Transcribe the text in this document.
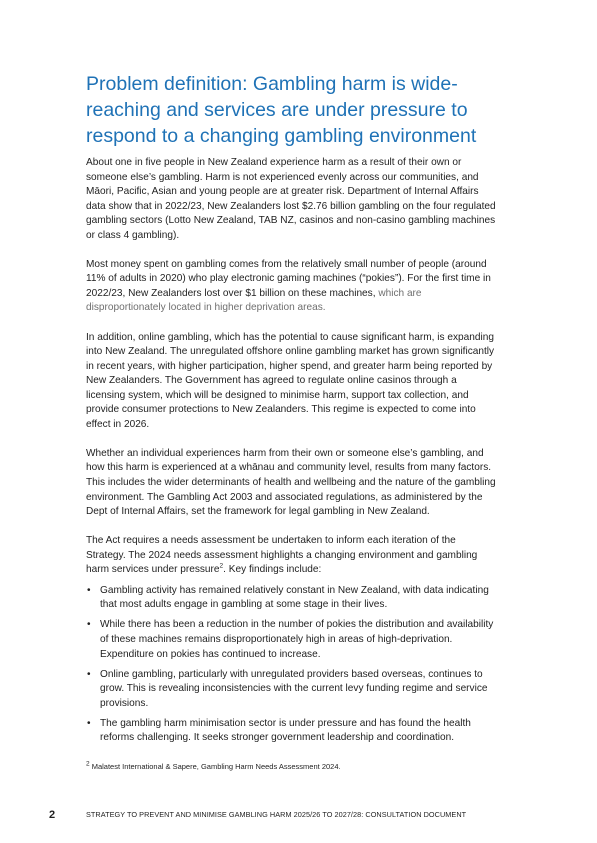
Problem definition: Gambling harm is wide-reaching and services are under pressure to respond to a changing gambling environment

About one in five people in New Zealand experience harm as a result of their own or someone else’s gambling. Harm is not experienced evenly across our communities, and Māori, Pacific, Asian and young people are at greater risk. Department of Internal Affairs data show that in 2022/23, New Zealanders lost $2.76 billion gambling on the four regulated gambling sectors (Lotto New Zealand, TAB NZ, casinos and non-casino gambling machines or class 4 gambling).

Most money spent on gambling comes from the relatively small number of people (around 11% of adults in 2020) who play electronic gaming machines (“pokies”). For the first time in 2022/23, New Zealanders lost over $1 billion on these machines, which are disproportionately located in higher deprivation areas.

In addition, online gambling, which has the potential to cause significant harm, is expanding into New Zealand. The unregulated offshore online gambling market has grown significantly in recent years, with higher participation, higher spend, and greater harm being reported by New Zealanders. The Government has agreed to regulate online casinos through a licensing system, which will be designed to minimise harm, support tax collection, and provide consumer protections to New Zealanders. This regime is expected to come into effect in 2026.

Whether an individual experiences harm from their own or someone else’s gambling, and how this harm is experienced at a whānau and community level, results from many factors. This includes the wider determinants of health and wellbeing and the nature of the gambling environment. The Gambling Act 2003 and associated regulations, as administered by the Dept of Internal Affairs, set the framework for legal gambling in New Zealand.

The Act requires a needs assessment be undertaken to inform each iteration of the Strategy. The 2024 needs assessment highlights a changing environment and gambling harm services under pressure$^2$. Key findings include:

• Gambling activity has remained relatively constant in New Zealand, with data indicating that most adults engage in gambling at some stage in their lives.
• While there has been a reduction in the number of pokies the distribution and availability of these machines remains disproportionately high in areas of high-deprivation. Expenditure on pokies has continued to increase.
• Online gambling, particularly with unregulated providers based overseas, continues to grow. This is revealing inconsistencies with the current levy funding regime and service provisions.
• The gambling harm minimisation sector is under pressure and has found the health reforms challenging. It seeks stronger government leadership and coordination.
$^2$ Malatest International & Sapere, Gambling Harm Needs Assessment 2024.
2	STRATEGY TO PREVENT AND MINIMISE GAMBLING HARM 2025/26 TO 2027/28: CONSULTATION DOCUMENT
